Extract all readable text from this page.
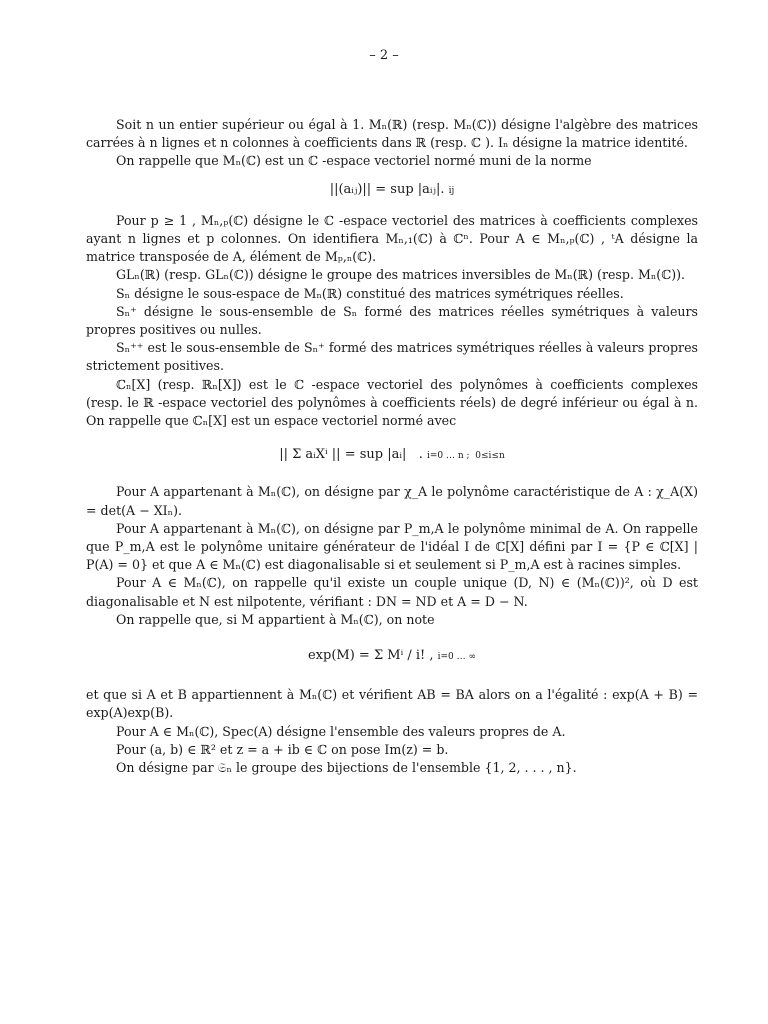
– 2 –

Soit n un entier supérieur ou égal à 1. Mₙ(ℝ) (resp. Mₙ(ℂ)) désigne l'algèbre des matrices carrées à n lignes et n colonnes à coefficients dans ℝ (resp. ℂ ). Iₙ désigne la matrice identité.

On rappelle que Mₙ(ℂ) est un ℂ -espace vectoriel normé muni de la norme

||(aᵢⱼ)|| = sup |aᵢⱼ|. ij

Pour p ≥ 1 , Mₙ,ₚ(ℂ) désigne le ℂ -espace vectoriel des matrices à coefficients complexes ayant n lignes et p colonnes. On identifiera Mₙ,₁(ℂ) à ℂⁿ. Pour A ∈ Mₙ,ₚ(ℂ) , ᵗA désigne la matrice transposée de A, élément de Mₚ,ₙ(ℂ).

GLₙ(ℝ) (resp. GLₙ(ℂ)) désigne le groupe des matrices inversibles de Mₙ(ℝ) (resp. Mₙ(ℂ)).

Sₙ désigne le sous-espace de Mₙ(ℝ) constitué des matrices symétriques réelles.

Sₙ⁺ désigne le sous-ensemble de Sₙ formé des matrices réelles symétriques à valeurs propres positives ou nulles.

Sₙ⁺⁺ est le sous-ensemble de Sₙ⁺ formé des matrices symétriques réelles à valeurs propres strictement positives.

ℂₙ[X] (resp. ℝₙ[X]) est le ℂ -espace vectoriel des polynômes à coefficients complexes (resp. le ℝ -espace vectoriel des polynômes à coefficients réels) de degré inférieur ou égal à n. On rappelle que ℂₙ[X] est un espace vectoriel normé avec

|| Σ aᵢXⁱ || = sup |aᵢ|   . i=0 … n ;  0≤i≤n

Pour A appartenant à Mₙ(ℂ), on désigne par χ_A le polynôme caractéristique de A : χ_A(X) = det(A − XIₙ).

Pour A appartenant à Mₙ(ℂ), on désigne par P_m,A le polynôme minimal de A. On rappelle que P_m,A est le polynôme unitaire générateur de l'idéal I de ℂ[X] défini par I = {P ∈ ℂ[X] | P(A) = 0} et que A ∈ Mₙ(ℂ) est diagonalisable si et seulement si P_m,A est à racines simples.

Pour A ∈ Mₙ(ℂ), on rappelle qu'il existe un couple unique (D, N) ∈ (Mₙ(ℂ))², où D est diagonalisable et N est nilpotente, vérifiant : DN = ND et A = D − N.

On rappelle que, si M appartient à Mₙ(ℂ), on note

exp(M) = Σ Mⁱ / i! , i=0 … ∞

et que si A et B appartiennent à Mₙ(ℂ) et vérifient AB = BA alors on a l'égalité : exp(A + B) = exp(A)exp(B).

Pour A ∈ Mₙ(ℂ), Spec(A) désigne l'ensemble des valeurs propres de A.

Pour (a, b) ∈ ℝ² et z = a + ib ∈ ℂ on pose Im(z) = b.

On désigne par 𝔖ₙ le groupe des bijections de l'ensemble {1, 2, . . . , n}.
